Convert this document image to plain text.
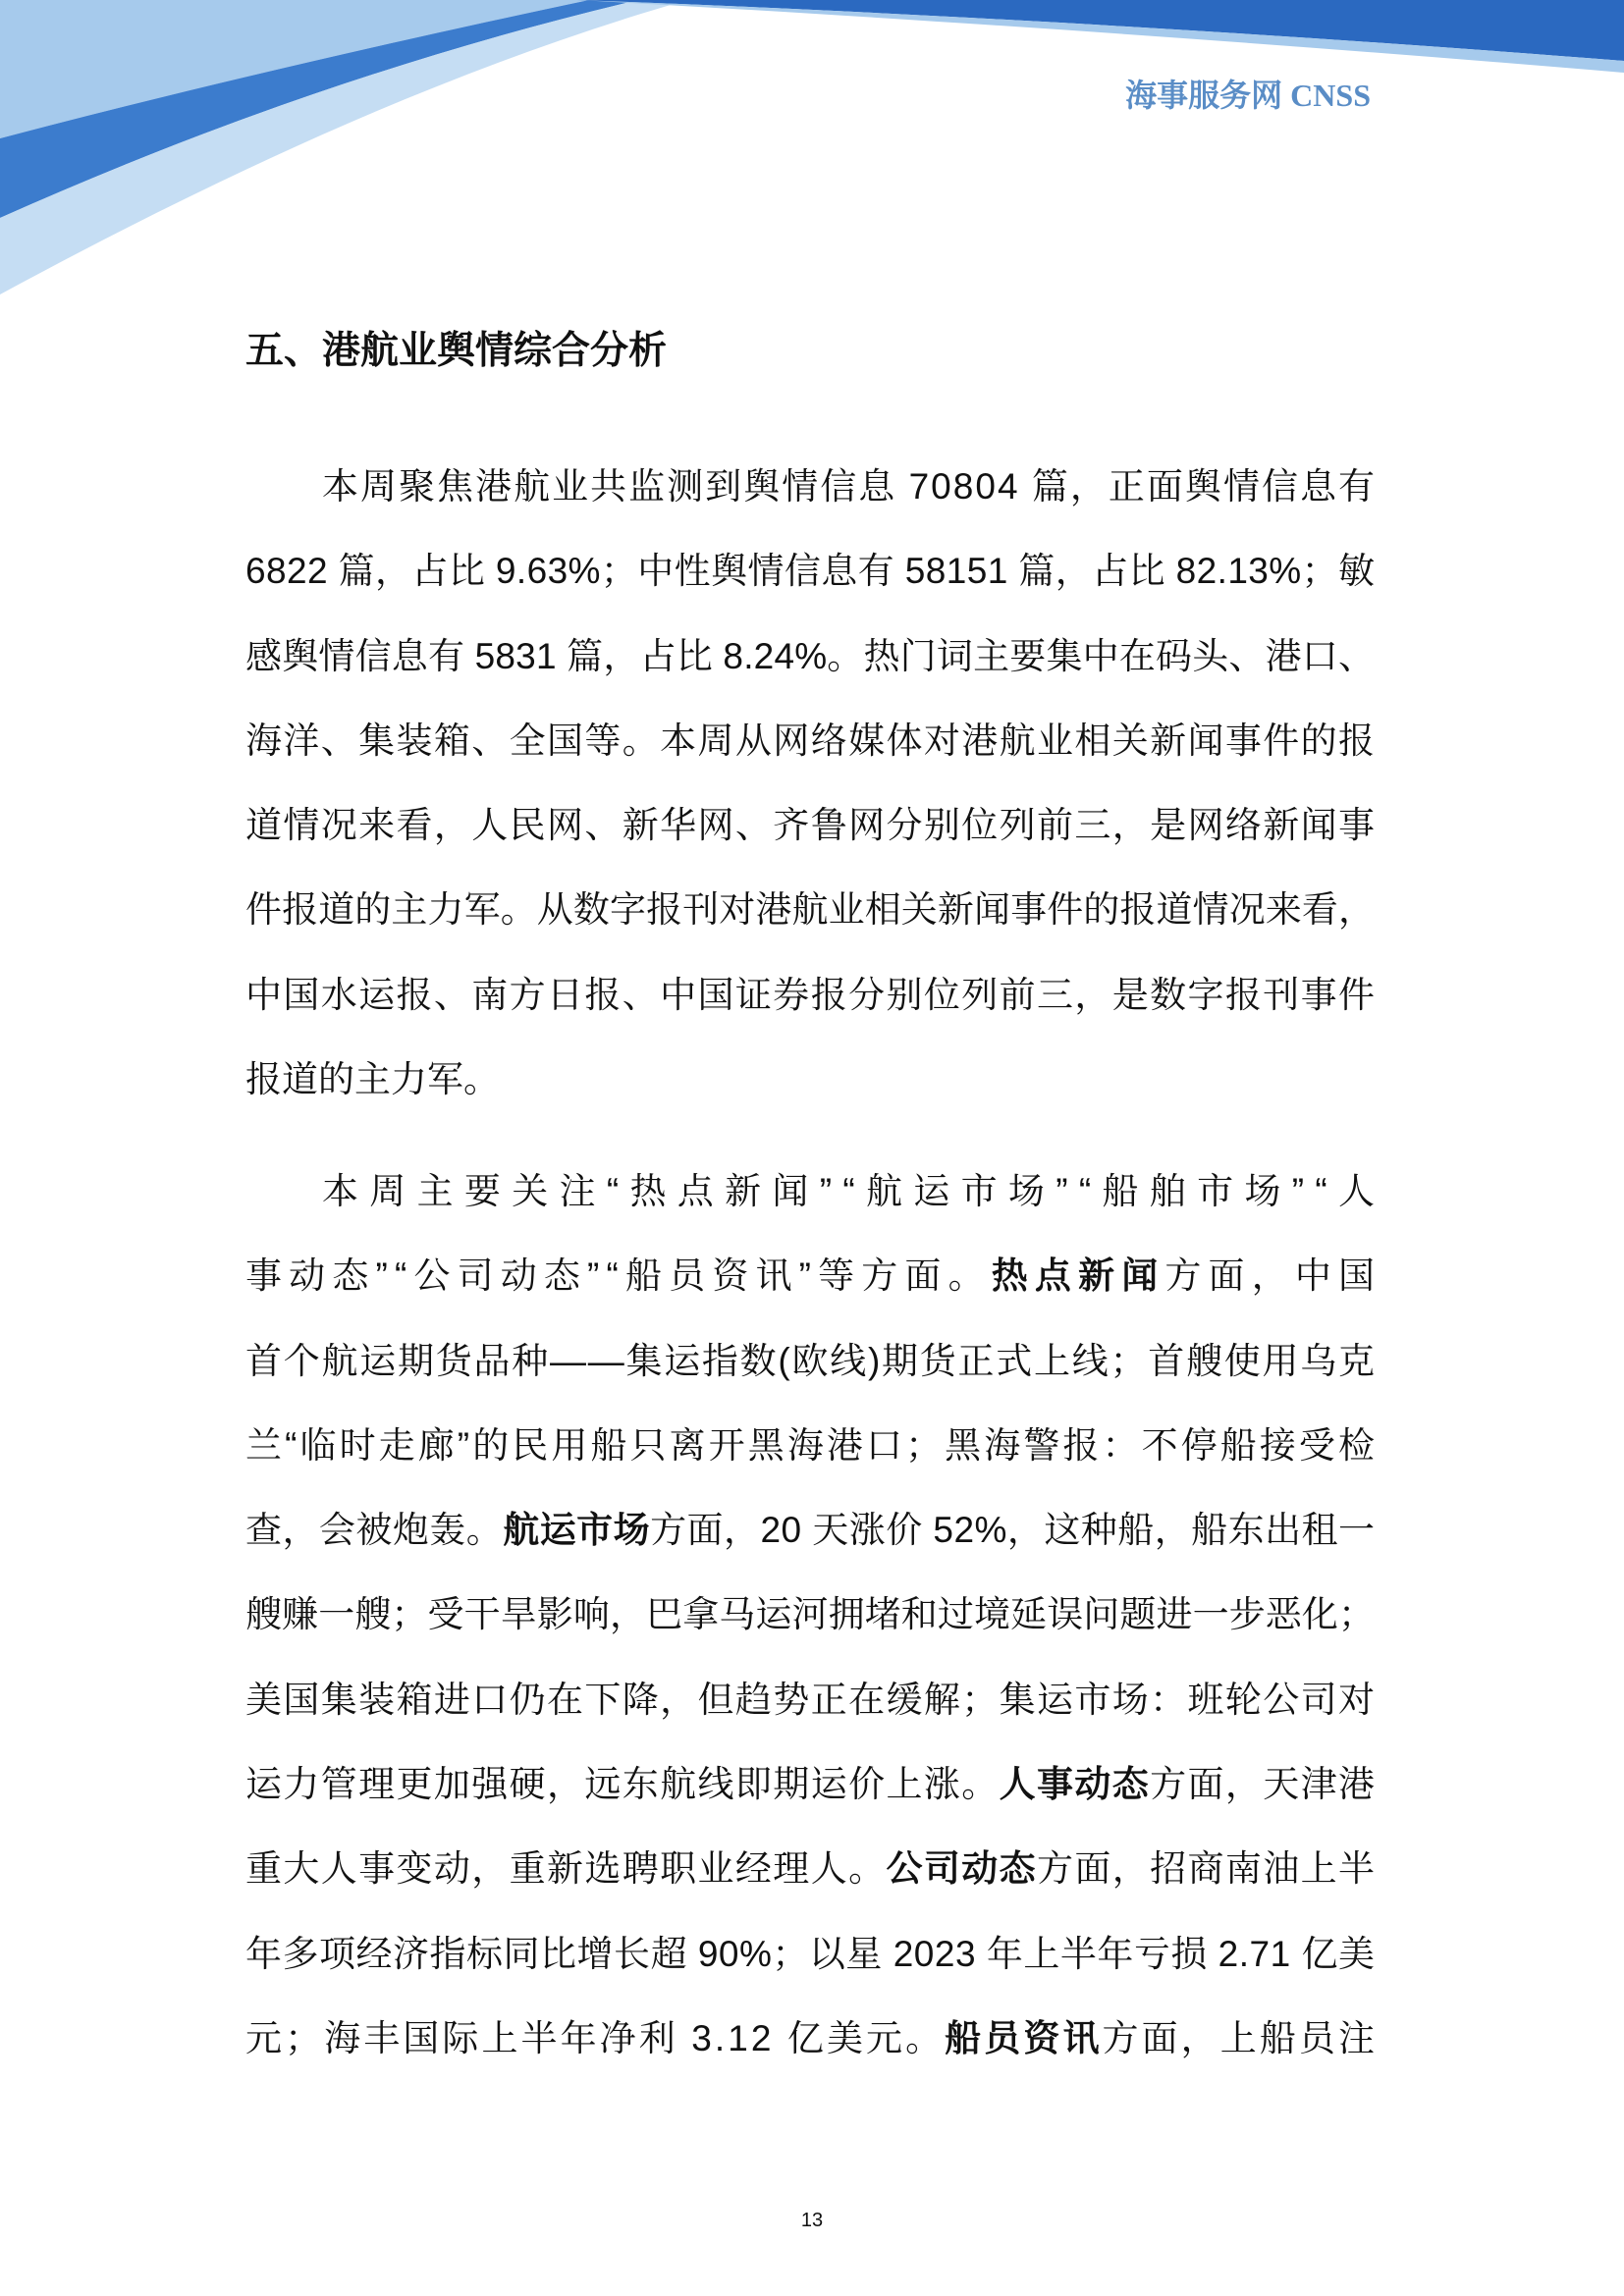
海事服务网 CNSS
五、港航业舆情综合分析
本周聚焦港航业共监测到舆情信息 70804 篇，正面舆情信息有
6822 篇，占比 9.63%；中性舆情信息有 58151 篇，占比 82.13%；敏
感舆情信息有 5831 篇，占比 8.24%。热门词主要集中在码头、港口、
海洋、集装箱、全国等。本周从网络媒体对港航业相关新闻事件的报
道情况来看，人民网、新华网、齐鲁网分别位列前三，是网络新闻事
件报道的主力军。从数字报刊对港航业相关新闻事件的报道情况来看，
中国水运报、南方日报、中国证券报分别位列前三，是数字报刊事件
报道的主力军。
本周主要关注“热点新闻”“航运市场”“船舶市场”“人
事动态”“公司动态”“船员资讯”等方面。热点新闻方面，中国
首个航运期货品种——集运指数(欧线)期货正式上线；首艘使用乌克
兰“临时走廊”的民用船只离开黑海港口；黑海警报：不停船接受检
查，会被炮轰。航运市场方面，20 天涨价 52%，这种船，船东出租一
艘赚一艘；受干旱影响，巴拿马运河拥堵和过境延误问题进一步恶化；
美国集装箱进口仍在下降，但趋势正在缓解；集运市场：班轮公司对
运力管理更加强硬，远东航线即期运价上涨。人事动态方面，天津港
重大人事变动，重新选聘职业经理人。公司动态方面，招商南油上半
年多项经济指标同比增长超 90%；以星 2023 年上半年亏损 2.71 亿美
元；海丰国际上半年净利 3.12 亿美元。船员资讯方面，上船员注
13
